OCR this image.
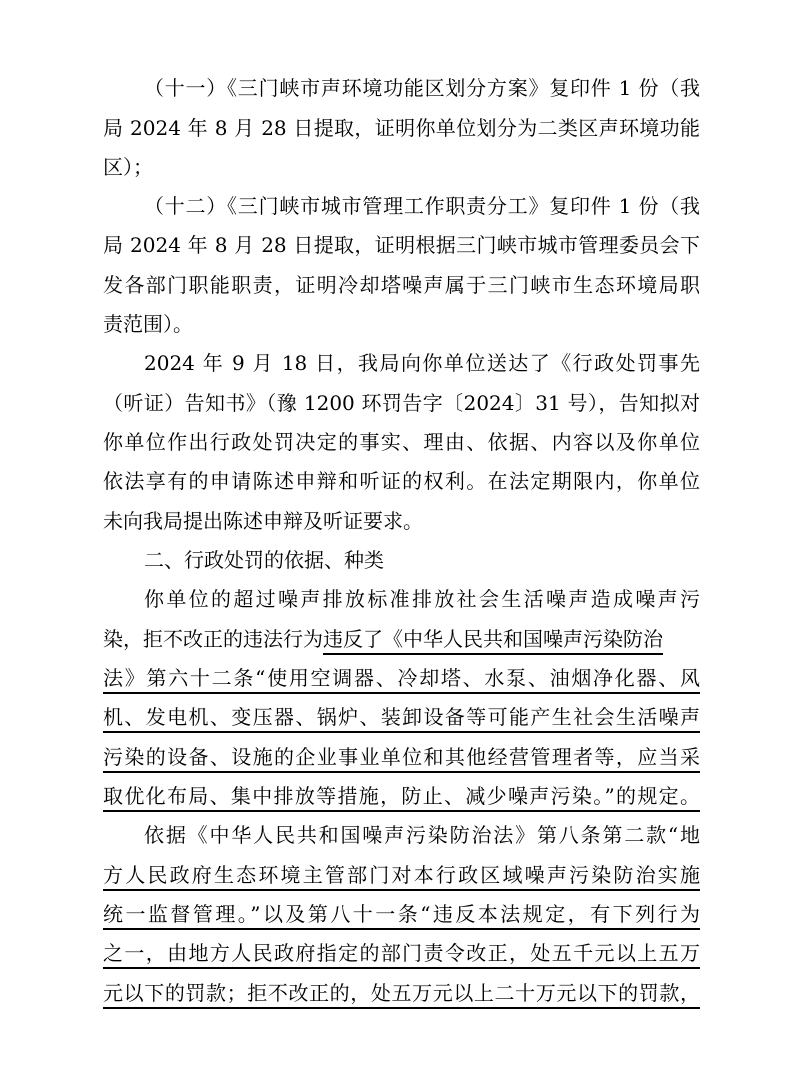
（十一）《三门峡市声环境功能区划分方案》复印件 1 份（我
局 2024 年 8 月 28 日提取，证明你单位划分为二类区声环境功能
区）；
（十二）《三门峡市城市管理工作职责分工》复印件 1 份（我
局 2024 年 8 月 28 日提取，证明根据三门峡市城市管理委员会下
发各部门职能职责，证明冷却塔噪声属于三门峡市生态环境局职
责范围）。
2024 年 9 月 18 日，我局向你单位送达了《行政处罚事先
（听证）告知书》（豫 1200 环罚告字〔2024〕31 号），告知拟对
你单位作出行政处罚决定的事实、理由、依据、内容以及你单位
依法享有的申请陈述申辩和听证的权利。在法定期限内，你单位
未向我局提出陈述申辩及听证要求。
二、行政处罚的依据、种类
你单位的超过噪声排放标准排放社会生活噪声造成噪声污
染，拒不改正的违法行为违反了《中华人民共和国噪声污染防治
法》第六十二条“使用空调器、冷却塔、水泵、油烟净化器、风
机、发电机、变压器、锅炉、装卸设备等可能产生社会生活噪声
污染的设备、设施的企业事业单位和其他经营管理者等，应当采
取优化布局、集中排放等措施，防止、减少噪声污染。”的规定。
依据《中华人民共和国噪声污染防治法》第八条第二款“地
方人民政府生态环境主管部门对本行政区域噪声污染防治实施
统一监督管理。”以及第八十一条“违反本法规定，有下列行为
之一，由地方人民政府指定的部门责令改正，处五千元以上五万
元以下的罚款；拒不改正的，处五万元以上二十万元以下的罚款，
